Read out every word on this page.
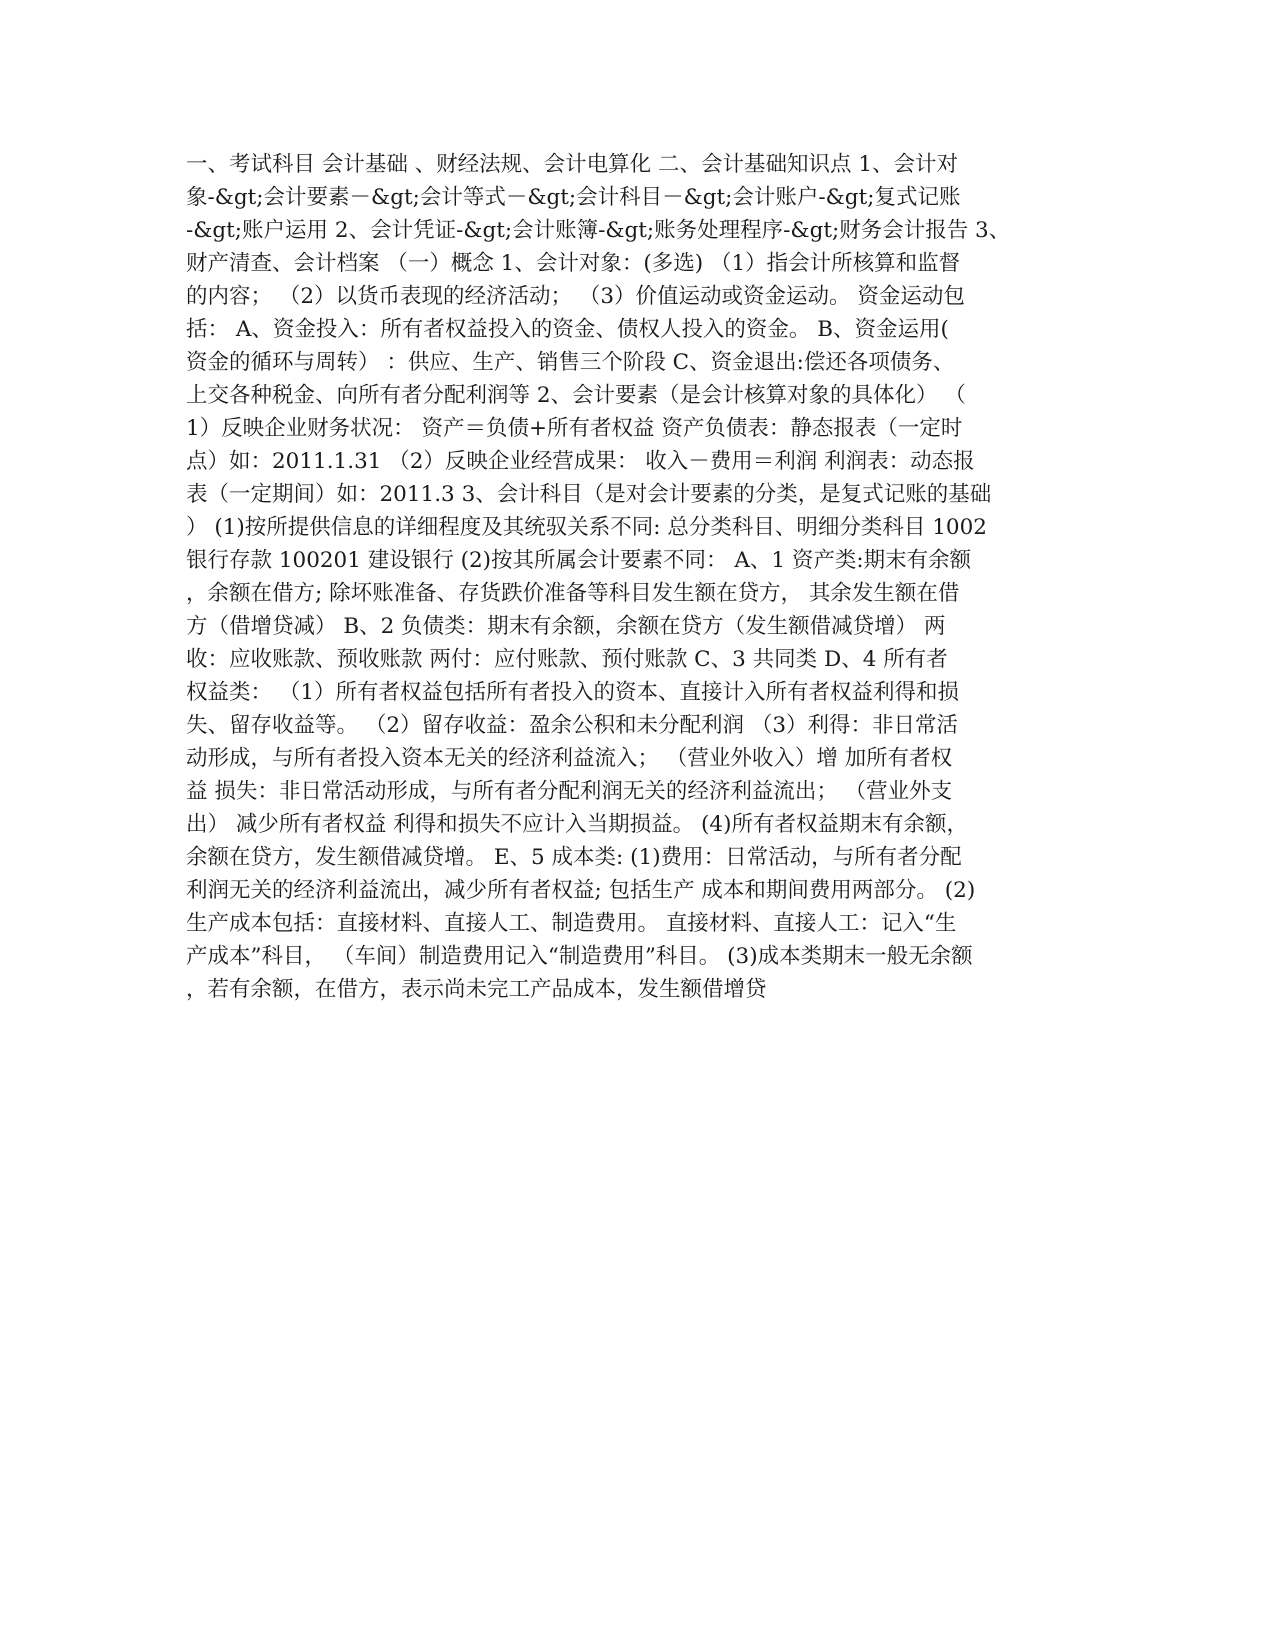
一、考试科目 会计基础 、财经法规、会计电算化 二、会计基础知识点 1、会计对
象-&gt;会计要素－&gt;会计等式－&gt;会计科目－&gt;会计账户-&gt;复式记账
-&gt;账户运用 2、会计凭证-&gt;会计账簿-&gt;账务处理程序-&gt;财务会计报告 3、
财产清查、会计档案 （一）概念 1、会计对象：(多选) （1）指会计所核算和监督
的内容； （2）以货币表现的经济活动； （3）价值运动或资金运动。 资金运动包
括： A、资金投入：所有者权益投入的资金、债权人投入的资金。 B、资金运用(
资金的循环与周转） ：供应、生产、销售三个阶段 C、资金退出:偿还各项债务、
上交各种税金、向所有者分配利润等 2、会计要素（是会计核算对象的具体化） （
1）反映企业财务状况： 资产＝负债+所有者权益 资产负债表：静态报表（一定时
点）如：2011.1.31 （2）反映企业经营成果： 收入－费用＝利润 利润表：动态报
表（一定期间）如：2011.3 3、会计科目（是对会计要素的分类，是复式记账的基础
） (1)按所提供信息的详细程度及其统驭关系不同: 总分类科目、明细分类科目 1002
银行存款 100201 建设银行 (2)按其所属会计要素不同： A、1 资产类:期末有余额
，余额在借方; 除坏账准备、存货跌价准备等科目发生额在贷方， 其余发生额在借
方（借增贷减） B、2 负债类：期末有余额，余额在贷方（发生额借减贷增） 两
收：应收账款、预收账款 两付：应付账款、预付账款 C、3 共同类 D、4 所有者
权益类： （1）所有者权益包括所有者投入的资本、直接计入所有者权益利得和损
失、留存收益等。 （2）留存收益：盈余公积和未分配利润 （3）利得：非日常活
动形成，与所有者投入资本无关的经济利益流入； （营业外收入）增 加所有者权
益 损失：非日常活动形成，与所有者分配利润无关的经济利益流出； （营业外支
出） 减少所有者权益 利得和损失不应计入当期损益。 (4)所有者权益期末有余额，
余额在贷方，发生额借减贷增。 E、5 成本类: (1)费用：日常活动，与所有者分配
利润无关的经济利益流出，减少所有者权益; 包括生产 成本和期间费用两部分。 (2)
生产成本包括：直接材料、直接人工、制造费用。 直接材料、直接人工：记入“生
产成本”科目， （车间）制造费用记入“制造费用”科目。 (3)成本类期末一般无余额
，若有余额，在借方，表示尚未完工产品成本，发生额借增贷
